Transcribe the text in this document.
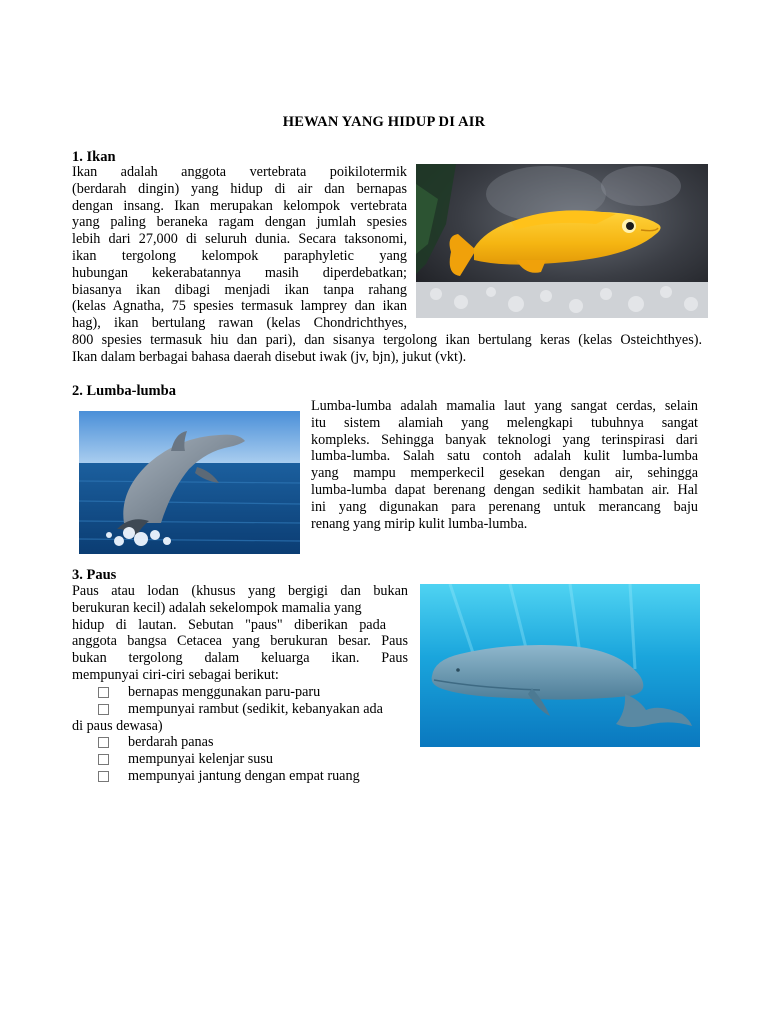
HEWAN YANG HIDUP DI AIR
1. Ikan
Ikan adalah anggota vertebrata poikilotermik
(berdarah dingin) yang hidup di air dan bernapas
dengan insang. Ikan merupakan kelompok vertebrata
yang paling beraneka ragam dengan jumlah spesies
lebih dari 27,000 di seluruh dunia. Secara taksonomi,
ikan tergolong kelompok paraphyletic yang
hubungan kekerabatannya masih diperdebatkan;
biasanya ikan dibagi menjadi ikan tanpa rahang
(kelas Agnatha, 75 spesies termasuk lamprey dan ikan
hag), ikan bertulang rawan (kelas Chondrichthyes,
800 spesies termasuk hiu dan pari), dan sisanya tergolong ikan bertulang keras (kelas Osteichthyes).
Ikan dalam berbagai bahasa daerah disebut iwak (jv, bjn), jukut (vkt).
2. Lumba-lumba
Lumba-lumba adalah mamalia laut yang sangat cerdas, selain
itu sistem alamiah yang melengkapi tubuhnya sangat
kompleks. Sehingga banyak teknologi yang terinspirasi dari
lumba-lumba. Salah satu contoh adalah kulit lumba-lumba
yang mampu memperkecil gesekan dengan air, sehingga
lumba-lumba dapat berenang dengan sedikit hambatan air. Hal
ini yang digunakan para perenang untuk merancang baju
renang yang mirip kulit lumba-lumba.
3. Paus
Paus atau lodan (khusus yang bergigi dan bukan
berukuran kecil) adalah sekelompok mamalia yang
hidup di lautan. Sebutan "paus" diberikan pada
anggota bangsa Cetacea yang berukuran besar. Paus
bukan tergolong dalam keluarga ikan. Paus
mempunyai ciri-ciri sebagai berikut:
bernapas menggunakan paru-paru
mempunyai rambut (sedikit, kebanyakan ada
di paus dewasa)
berdarah panas
mempunyai kelenjar susu
mempunyai jantung dengan empat ruang
